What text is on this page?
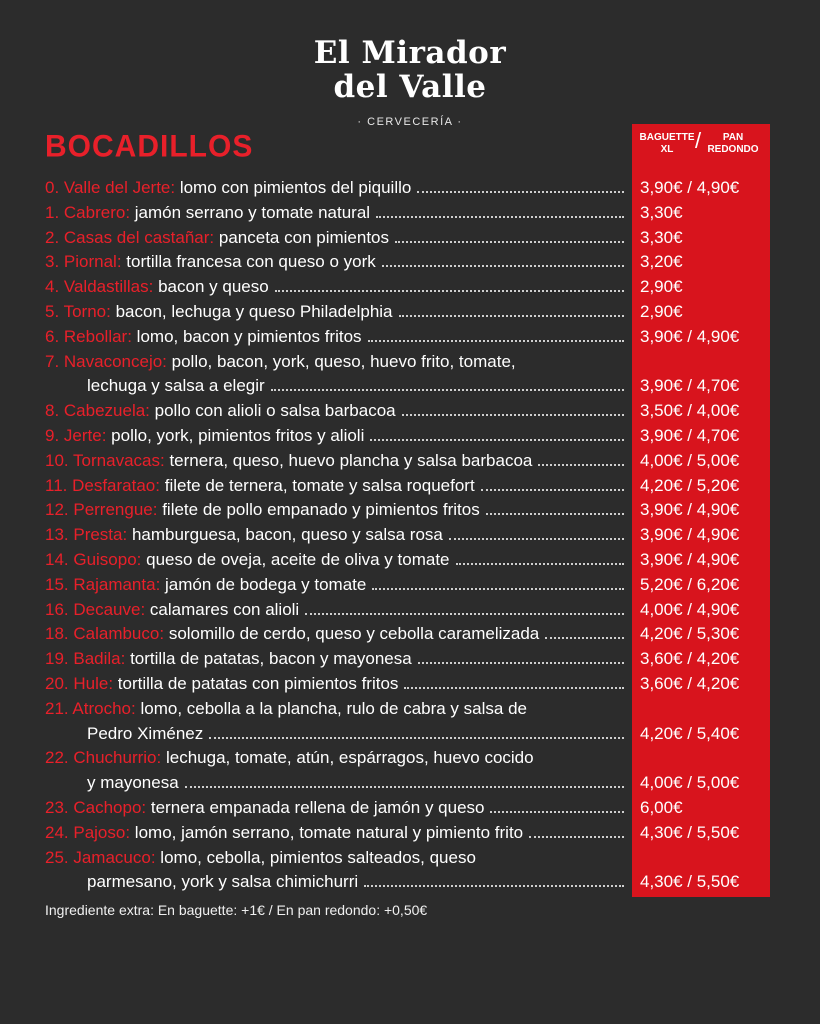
El Mirador
del Valle
· CERVECERÍA ·
BOCADILLOS	BAGUETTE
XL /	PAN
REDONDO
0. Valle del Jerte:
lomo con pimientos del piquillo	3,90€ / 4,90€
1. Cabrero:
jamón serrano y tomate natural	3,30€
2. Casas del castañar:
panceta con pimientos	3,30€
3. Piornal:
tortilla francesa con queso o york	3,20€
4. Valdastillas:
bacon y queso	2,90€
5. Torno:
bacon, lechuga y queso Philadelphia	2,90€
6. Rebollar:
lomo, bacon y pimientos fritos	3,90€ / 4,90€
7. Navaconcejo:
pollo, bacon, york, queso, huevo frito, tomate,
lechuga y salsa a elegir	3,90€ / 4,70€
8. Cabezuela:
pollo con alioli o salsa barbacoa	3,50€ / 4,00€
9. Jerte:
pollo, york, pimientos fritos y alioli	3,90€ / 4,70€
10. Tornavacas:
ternera, queso, huevo plancha y salsa barbacoa	4,00€ / 5,00€
11. Desfaratao:
filete de ternera, tomate y salsa roquefort	4,20€ / 5,20€
12. Perrengue:
filete de pollo empanado y pimientos fritos	3,90€ / 4,90€
13. Presta:
hamburguesa, bacon, queso y salsa rosa	3,90€ / 4,90€
14. Guisopo:
queso de oveja, aceite de oliva y tomate	3,90€ / 4,90€
15. Rajamanta:
jamón de bodega y tomate	5,20€ / 6,20€
16. Decauve:
calamares con alioli	4,00€ / 4,90€
18. Calambuco:
solomillo de cerdo, queso y cebolla caramelizada	4,20€ / 5,30€
19. Badila:
tortilla de patatas, bacon y mayonesa	3,60€ / 4,20€
20. Hule:
tortilla de patatas con pimientos fritos	3,60€ / 4,20€
21. Atrocho:
lomo, cebolla a la plancha, rulo de cabra y salsa de
Pedro Ximénez	4,20€ / 5,40€
22. Chuchurrio:
lechuga, tomate, atún, espárragos, huevo cocido
y mayonesa	4,00€ / 5,00€
23. Cachopo:
ternera empanada rellena de jamón y queso	6,00€
24. Pajoso:
lomo, jamón serrano, tomate natural y pimiento frito	4,30€ / 5,50€
25. Jamacuco:
lomo, cebolla, pimientos salteados, queso
parmesano, york y salsa chimichurri	4,30€ / 5,50€
Ingrediente extra: En baguette: +1€ / En pan redondo: +0,50€
